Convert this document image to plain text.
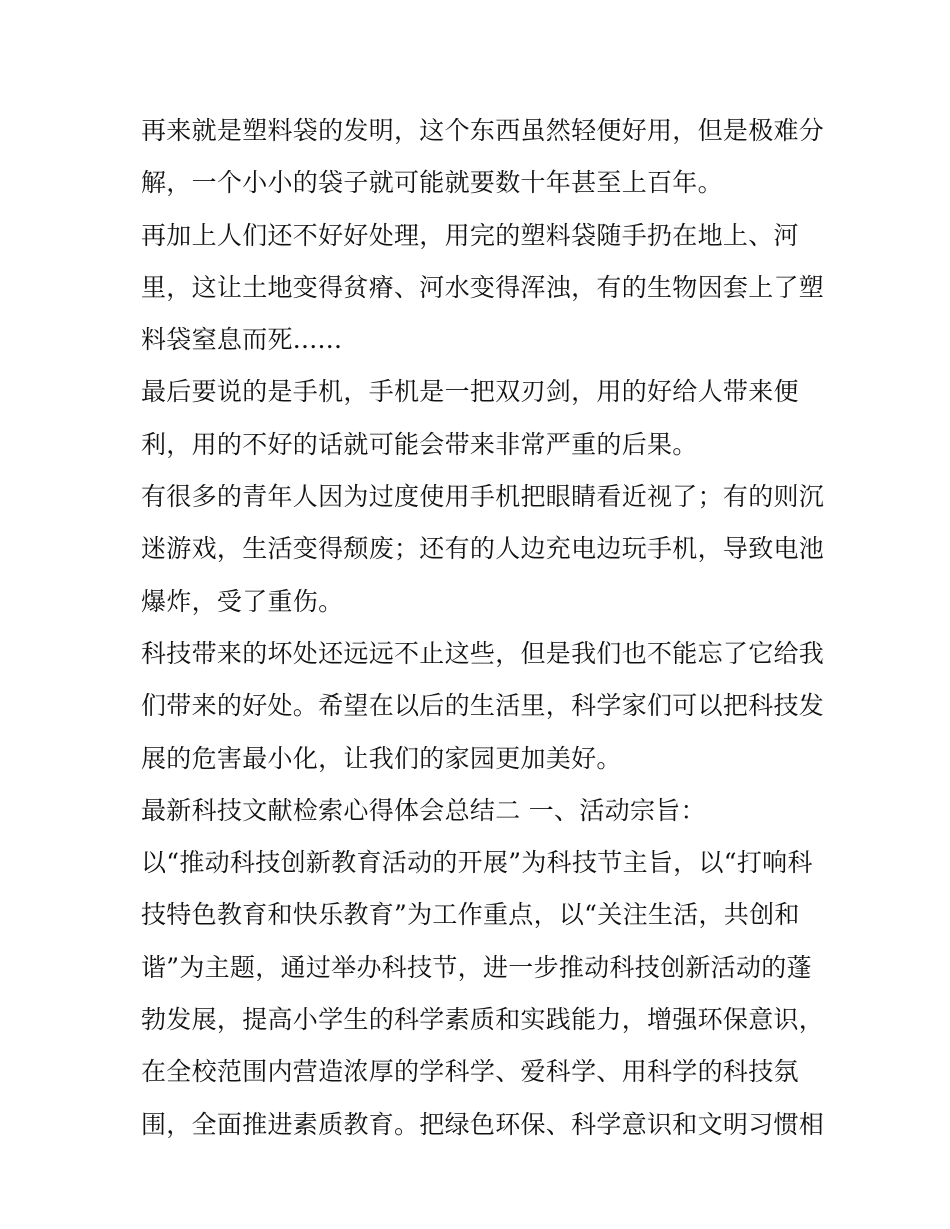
再来就是塑料袋的发明，这个东西虽然轻便好用，但是极难分
解，一个小小的袋子就可能就要数十年甚至上百年。
再加上人们还不好好处理，用完的塑料袋随手扔在地上、河
里，这让土地变得贫瘠、河水变得浑浊，有的生物因套上了塑
料袋窒息而死......
最后要说的是手机，手机是一把双刃剑，用的好给人带来便
利，用的不好的话就可能会带来非常严重的后果。
有很多的青年人因为过度使用手机把眼睛看近视了；有的则沉
迷游戏，生活变得颓废；还有的人边充电边玩手机，导致电池
爆炸，受了重伤。
科技带来的坏处还远远不止这些，但是我们也不能忘了它给我
们带来的好处。希望在以后的生活里，科学家们可以把科技发
展的危害最小化，让我们的家园更加美好。
最新科技文献检索心得体会总结二 一、活动宗旨：
以“推动科技创新教育活动的开展”为科技节主旨，以“打响科
技特色教育和快乐教育”为工作重点，以“关注生活，共创和
谐”为主题，通过举办科技节，进一步推动科技创新活动的蓬
勃发展，提高小学生的科学素质和实践能力，增强环保意识，
在全校范围内营造浓厚的学科学、爱科学、用科学的科技氛
围，全面推进素质教育。把绿色环保、科学意识和文明习惯相
